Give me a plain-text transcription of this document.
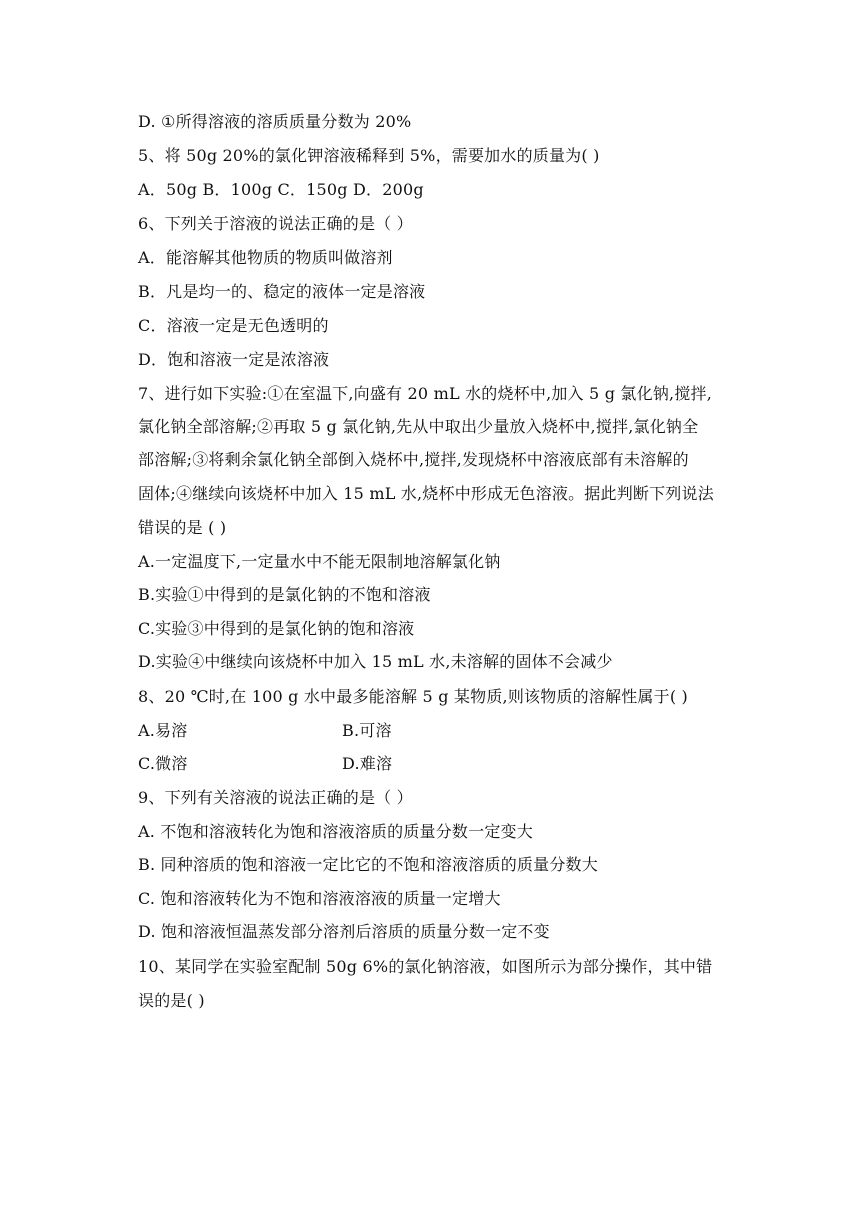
D. ①所得溶液的溶质质量分数为 20%
5、将 50g 20%的氯化钾溶液稀释到 5%，需要加水的质量为( )
A．50g B．100g C．150g D．200g
6、下列关于溶液的说法正确的是（ ）
A．能溶解其他物质的物质叫做溶剂
B．凡是均一的、稳定的液体一定是溶液
C．溶液一定是无色透明的
D．饱和溶液一定是浓溶液
7、进行如下实验:①在室温下,向盛有 20 mL 水的烧杯中,加入 5 g 氯化钠,搅拌,
氯化钠全部溶解;②再取 5 g 氯化钠,先从中取出少量放入烧杯中,搅拌,氯化钠全
部溶解;③将剩余氯化钠全部倒入烧杯中,搅拌,发现烧杯中溶液底部有未溶解的
固体;④继续向该烧杯中加入 15 mL 水,烧杯中形成无色溶液。据此判断下列说法
错误的是 ( )
A.一定温度下,一定量水中不能无限制地溶解氯化钠
B.实验①中得到的是氯化钠的不饱和溶液
C.实验③中得到的是氯化钠的饱和溶液
D.实验④中继续向该烧杯中加入 15 mL 水,未溶解的固体不会减少
8、20 ℃时,在 100 g 水中最多能溶解 5 g 某物质,则该物质的溶解性属于( )
A.易溶	B.可溶
C.微溶	D.难溶
9、下列有关溶液的说法正确的是（ ）
A. 不饱和溶液转化为饱和溶液溶质的质量分数一定变大
B. 同种溶质的饱和溶液一定比它的不饱和溶液溶质的质量分数大
C. 饱和溶液转化为不饱和溶液溶液的质量一定增大
D. 饱和溶液恒温蒸发部分溶剂后溶质的质量分数一定不变
10、某同学在实验室配制 50g 6%的氯化钠溶液，如图所示为部分操作，其中错
误的是( )
